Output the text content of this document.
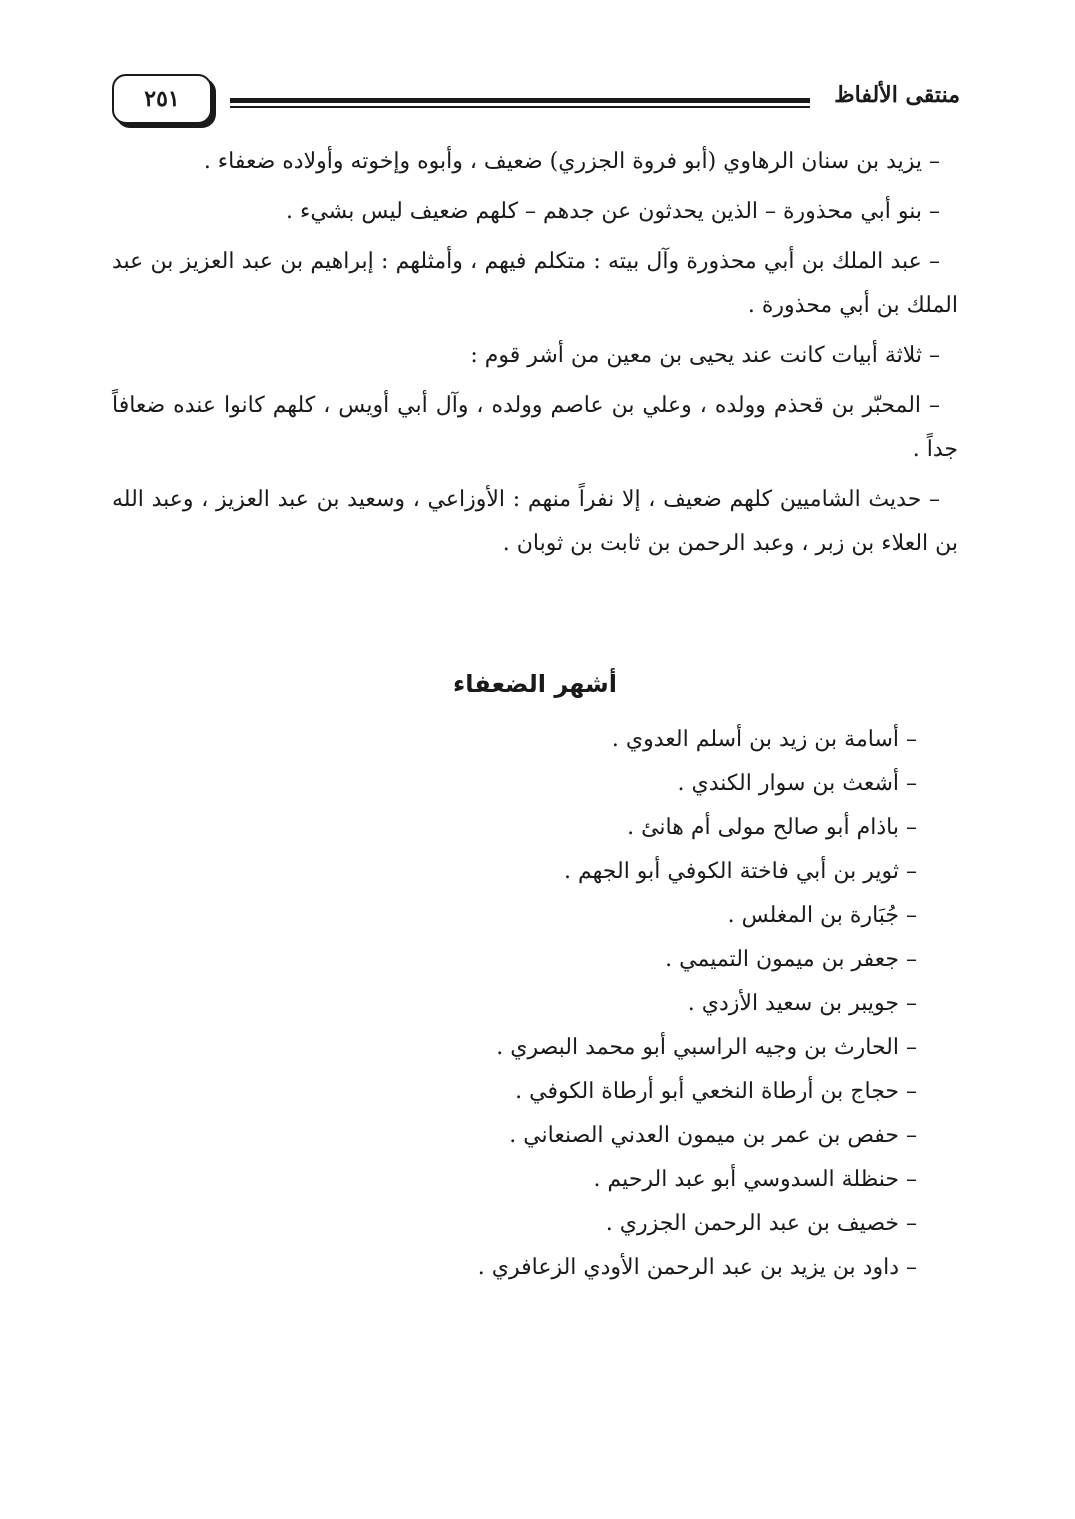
منتقى الألفاظ
٢٥١

– يزيد بن سنان الرهاوي (أبو فروة الجزري) ضعيف ، وأبوه وإخوته وأولاده ضعفاء .

– بنو أبي محذورة – الذين يحدثون عن جدهم – كلهم ضعيف ليس بشيء .

– عبد الملك بن أبي محذورة وآل بيته : متكلم فيهم ، وأمثلهم : إبراهيم بن عبد العزيز بن عبد الملك بن أبي محذورة .

– ثلاثة أبيات كانت عند يحيى بن معين من أشر قوم :

– المحبّر بن قحذم وولده ، وعلي بن عاصم وولده ، وآل أبي أويس ، كلهم كانوا عنده ضعافاً جداً .

– حديث الشاميين كلهم ضعيف ، إلا نفراً منهم : الأوزاعي ، وسعيد بن عبد العزيز ، وعبد الله بن العلاء بن زبر ، وعبد الرحمن بن ثابت بن ثوبان .

أشهر الضعفاء
– أسامة بن زيد بن أسلم العدوي .
– أشعث بن سوار الكندي .
– باذام أبو صالح مولى أم هانئ .
– ثوير بن أبي فاختة الكوفي أبو الجهم .
– جُبَارة بن المغلس .
– جعفر بن ميمون التميمي .
– جويبر بن سعيد الأزدي .
– الحارث بن وجيه الراسبي أبو محمد البصري .
– حجاج بن أرطاة النخعي أبو أرطاة الكوفي .
– حفص بن عمر بن ميمون العدني الصنعاني .
– حنظلة السدوسي أبو عبد الرحيم .
– خصيف بن عبد الرحمن الجزري .
– داود بن يزيد بن عبد الرحمن الأودي الزعافري .
